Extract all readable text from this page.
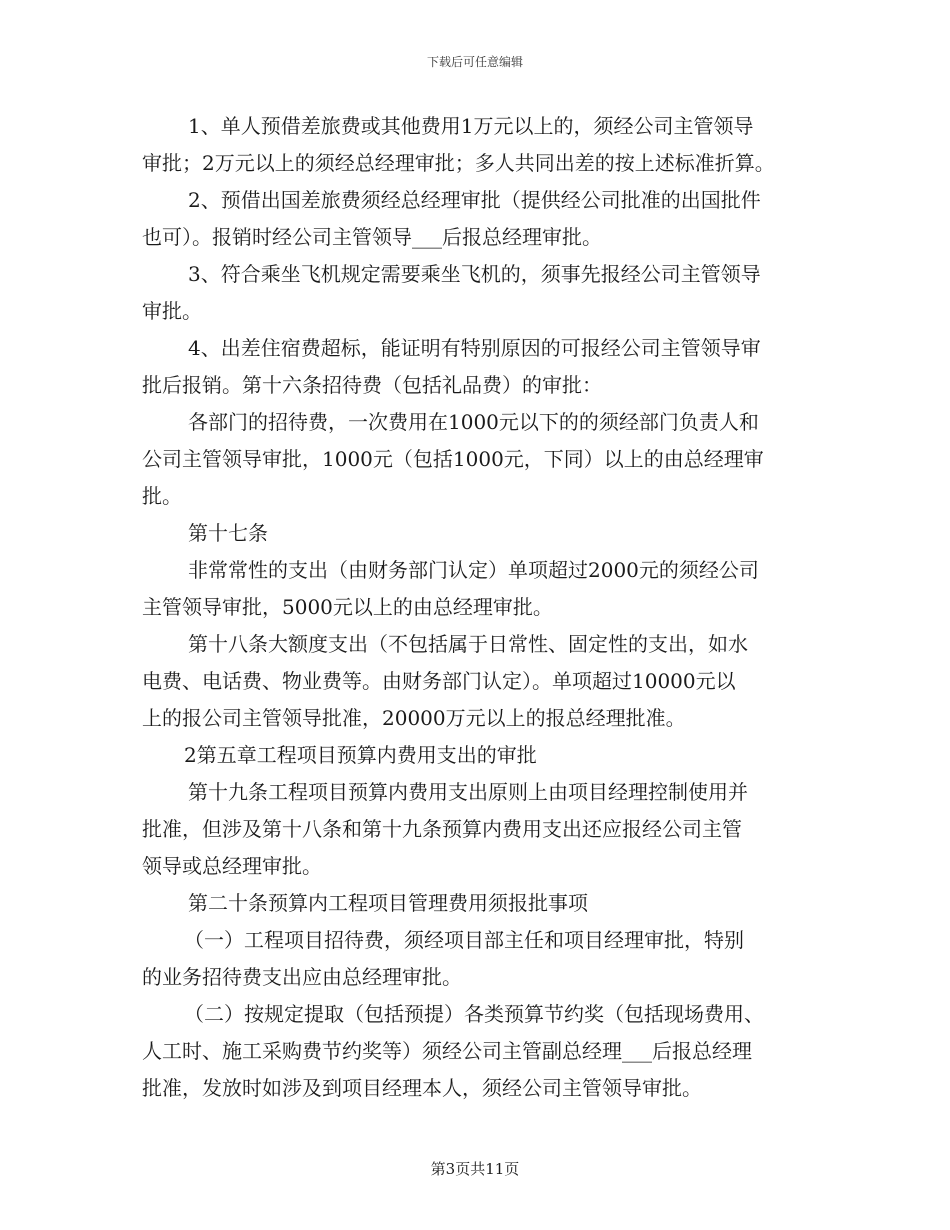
下载后可任意编辑
1、单人预借差旅费或其他费用1万元以上的，须经公司主管领导
审批；2万元以上的须经总经理审批；多人共同出差的按上述标准折算。
2、预借出国差旅费须经总经理审批（提供经公司批准的出国批件
也可）。报销时经公司主管领导___后报总经理审批。
3、符合乘坐飞机规定需要乘坐飞机的，须事先报经公司主管领导
审批。
4、出差住宿费超标，能证明有特别原因的可报经公司主管领导审
批后报销。第十六条招待费（包括礼品费）的审批：
各部门的招待费，一次费用在1000元以下的的须经部门负责人和
公司主管领导审批，1000元（包括1000元，下同）以上的由总经理审
批。
第十七条
非常常性的支出（由财务部门认定）单项超过2000元的须经公司
主管领导审批，5000元以上的由总经理审批。
第十八条大额度支出（不包括属于日常性、固定性的支出，如水
电费、电话费、物业费等。由财务部门认定）。单项超过10000元以
上的报公司主管领导批准，20000万元以上的报总经理批准。
2第五章工程项目预算内费用支出的审批
第十九条工程项目预算内费用支出原则上由项目经理控制使用并
批准，但涉及第十八条和第十九条预算内费用支出还应报经公司主管
领导或总经理审批。
第二十条预算内工程项目管理费用须报批事项
（一）工程项目招待费，须经项目部主任和项目经理审批，特别
的业务招待费支出应由总经理审批。
（二）按规定提取（包括预提）各类预算节约奖（包括现场费用、
人工时、施工采购费节约奖等）须经公司主管副总经理___后报总经理
批准，发放时如涉及到项目经理本人，须经公司主管领导审批。
第3页共11页
